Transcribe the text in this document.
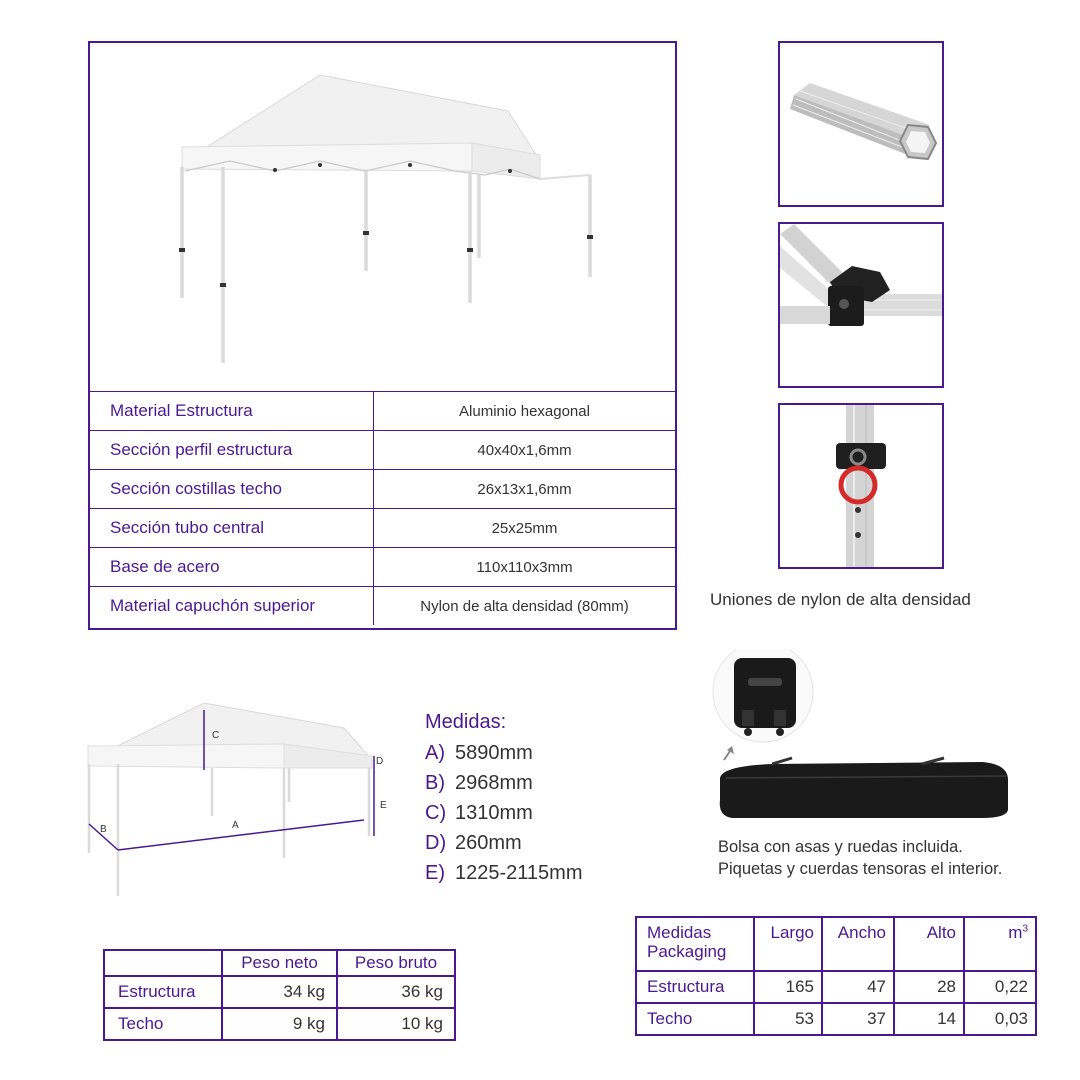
Material Estructura	Aluminio hexagonal
Sección perfil estructura	40x40x1,6mm
Sección costillas techo	26x13x1,6mm
Sección tubo central	25x25mm
Base de acero	110x110x3mm
Material capuchón superior	Nylon de alta densidad (80mm)	Uniones de nylon de alta densidad
C
D
E
A
B
Medidas:
A) 5890mm
B) 2968mm
C) 1310mm
D) 260mm
E) 1225-2115mm
Bolsa con asas y ruedas incluida.
Piquetas y cuerdas tensoras el interior.
	Peso neto	Peso bruto
Estructura	34 kg	36 kg
Techo	9 kg	10 kg
Medidas
Packaging	Largo	Ancho	Alto	$m^3$
Estructura	165	47	28	0,22
Techo	53	37	14	0,03
